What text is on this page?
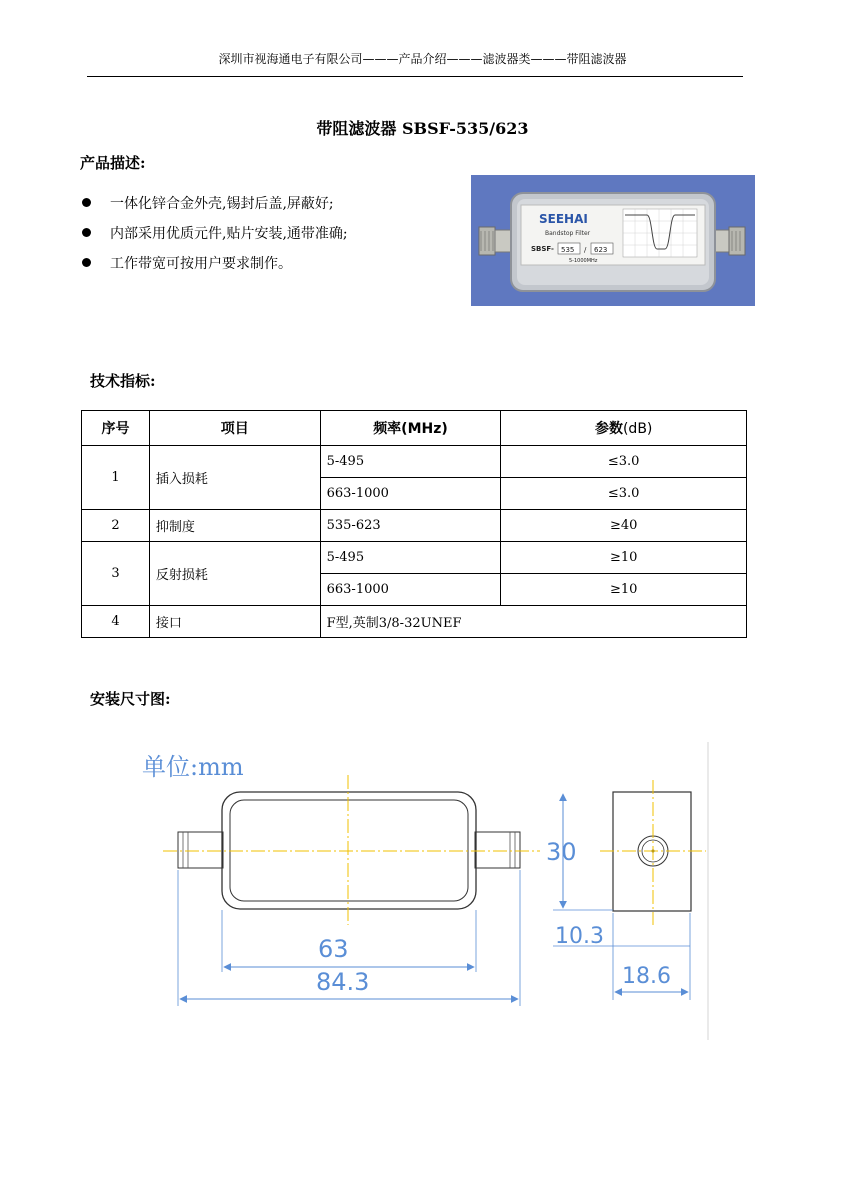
深圳市视海通电子有限公司———产品介绍———滤波器类———带阻滤波器
带阻滤波器 SBSF-535/623
产品描述:
一体化锌合金外壳,锡封后盖,屏蔽好;
内部采用优质元件,贴片安装,通带准确;
工作带宽可按用户要求制作。
SEEHAI
Bandstop Filter
SBSF- 535 / 623
5-1000MHz
技术指标:
序号	项目	频率(MHz)	参数(dB)
1	插入损耗	5-495	≤3.0
		663-1000	≤3.0
2	抑制度	535-623	≥40
3	反射损耗	5-495	≥10
		663-1000	≥10
4	接口	F型,英制3/8-32UNEF	
安装尺寸图:
单位:mm
63
84.3
30
10.3
18.6
